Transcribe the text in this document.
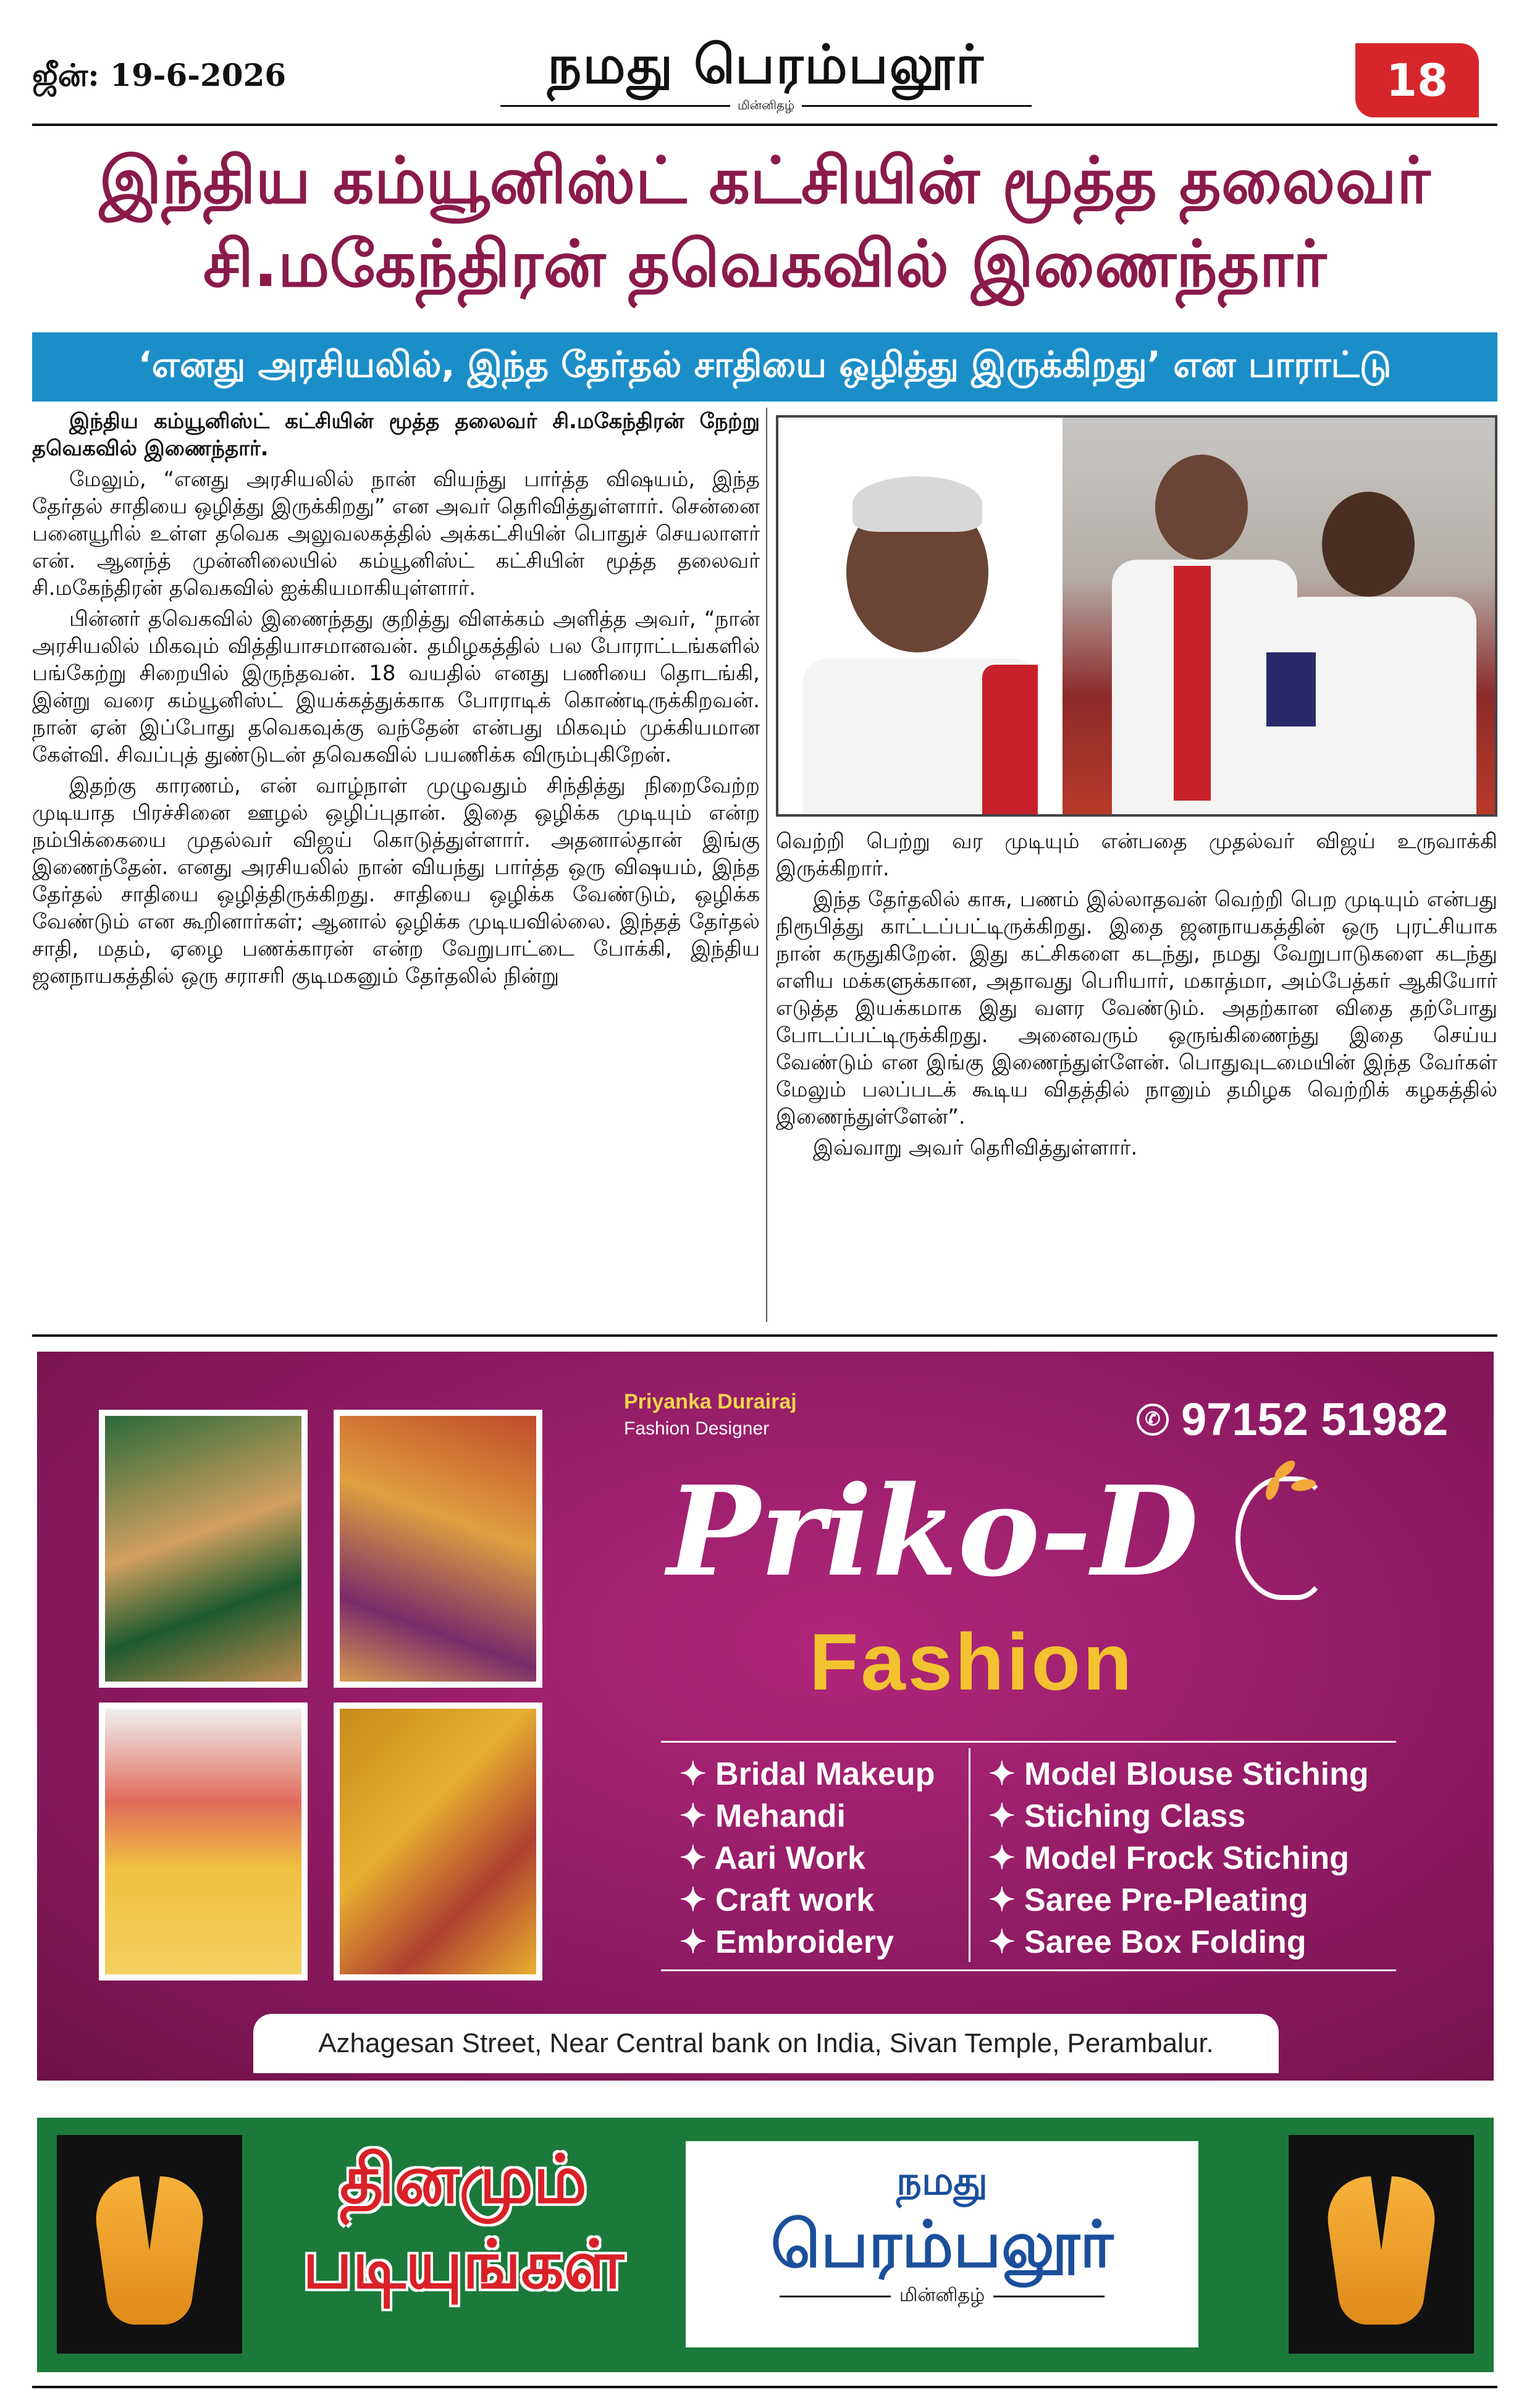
ஜீன்: 19-6-2026	நமது பெரம்பலூர்
மின்னிதழ்	18
இந்திய கம்யூனிஸ்ட் கட்சியின் மூத்த தலைவர்
சி.மகேந்திரன் தவெகவில் இணைந்தார்
‘எனது அரசியலில், இந்த தேர்தல் சாதியை ஒழித்து இருக்கிறது’ என பாராட்டு

இந்திய கம்யூனிஸ்ட் கட்சியின் மூத்த தலைவர் சி.மகேந்திரன் நேற்று தவெகவில் இணைந்தார்.

மேலும், “எனது அரசியலில் நான் வியந்து பார்த்த விஷயம், இந்த தேர்தல் சாதியை ஒழித்து இருக்கிறது” என அவர் தெரிவித்துள்ளார். சென்னை பனையூரில் உள்ள தவெக அலுவலகத்தில் அக்கட்சியின் பொதுச் செயலாளர் என். ஆனந்த் முன்னிலையில் கம்யூனிஸ்ட் கட்சியின் மூத்த தலைவர் சி.மகேந்திரன் தவெகவில் ஐக்கியமாகியுள்ளார்.

பின்னர் தவெகவில் இணைந்தது குறித்து விளக்கம் அளித்த அவர், “நான் அரசியலில் மிகவும் வித்தியாசமானவன். தமிழகத்தில் பல போராட்டங்களில் பங்கேற்று சிறையில் இருந்தவன். 18 வயதில் எனது பணியை தொடங்கி, இன்று வரை கம்யூனிஸ்ட் இயக்கத்துக்காக போராடிக் கொண்டிருக்கிறவன். நான் ஏன் இப்போது தவெகவுக்கு வந்தேன் என்பது மிகவும் முக்கியமான கேள்வி. சிவப்புத் துண்டுடன் தவெகவில் பயணிக்க விரும்புகிறேன்.

இதற்கு காரணம், என் வாழ்நாள் முழுவதும் சிந்தித்து நிறைவேற்ற முடியாத பிரச்சினை ஊழல் ஒழிப்புதான். இதை ஒழிக்க முடியும் என்ற நம்பிக்கையை முதல்வர் விஜய் கொடுத்துள்ளார். அதனால்தான் இங்கு இணைந்தேன். எனது அரசியலில் நான் வியந்து பார்த்த ஒரு விஷயம், இந்த தேர்தல் சாதியை ஒழித்திருக்கிறது. சாதியை ஒழிக்க வேண்டும், ஒழிக்க வேண்டும் என கூறினார்கள்; ஆனால் ஒழிக்க முடியவில்லை. இந்தத் தேர்தல் சாதி, மதம், ஏழை பணக்காரன் என்ற வேறுபாட்டை போக்கி, இந்திய ஜனநாயகத்தில் ஒரு சராசரி குடிமகனும் தேர்தலில் நின்று

வெற்றி பெற்று வர முடியும் என்பதை முதல்வர் விஜய் உருவாக்கி இருக்கிறார்.

இந்த தேர்தலில் காசு, பணம் இல்லாதவன் வெற்றி பெற முடியும் என்பது நிரூபித்து காட்டப்பட்டிருக்கிறது. இதை ஜனநாயகத்தின் ஒரு புரட்சியாக நான் கருதுகிறேன். இது கட்சிகளை கடந்து, நமது வேறுபாடுகளை கடந்து எளிய மக்களுக்கான, அதாவது பெரியார், மகாத்மா, அம்பேத்கர் ஆகியோர் எடுத்த இயக்கமாக இது வளர வேண்டும். அதற்கான விதை தற்போது போடப்பட்டிருக்கிறது. அனைவரும் ஒருங்கிணைந்து இதை செய்ய வேண்டும் என இங்கு இணைந்துள்ளேன். பொதுவுடமையின் இந்த வேர்கள் மேலும் பலப்படக் கூடிய விதத்தில் நானும் தமிழக வெற்றிக் கழகத்தில் இணைந்துள்ளேன்”.

இவ்வாறு அவர் தெரிவித்துள்ளார்.

Priyanka Durairaj
Fashion Designer	✆ 97152 51982
Priko-D
Fashion
✦ Bridal Makeup
✦ Mehandi
✦ Aari Work
✦ Craft work
✦ Embroidery
✦ Model Blouse Stiching
✦ Stiching Class
✦ Model Frock Stiching
✦ Saree Pre-Pleating
✦ Saree Box Folding
Azhagesan Street, Near Central bank on India, Sivan Temple, Perambalur.
தினமும்
படியுங்கள்
நமது
பெரம்பலூர்
மின்னிதழ்
